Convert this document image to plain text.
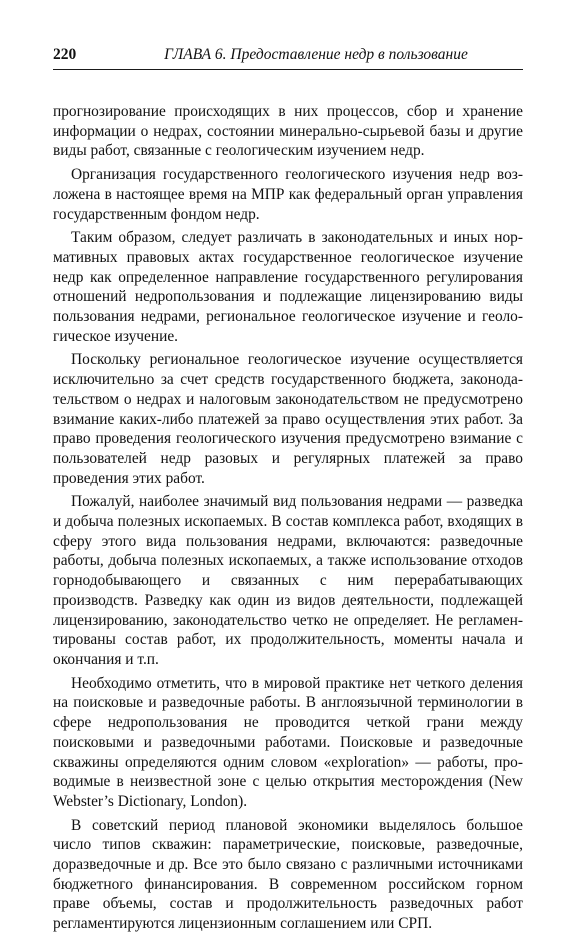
220	ГЛАВА 6. Предоставление недр в пользование

прогнозирование происходящих в них процессов, сбор и хранение информации о недрах, состоянии минерально-сырьевой базы и другие виды работ, связанные с геологическим изучением недр.

Организация государственного геологического изучения недр возложена в настоящее время на МПР как федеральный орган управления государственным фондом недр.

Таким образом, следует различать в законодательных и иных нормативных правовых актах государственное геологическое изучение недр как определенное направление государственного регулирования отношений недропользования и подлежащие лицензированию виды пользования недрами, региональное геологическое изучение и геологическое изучение.

Поскольку региональное геологическое изучение осуществляется исключительно за счет средств государственного бюджета, законодательством о недрах и налоговым законодательством не предусмотрено взимание каких-либо платежей за право осуществления этих работ. За право проведения геологического изучения предусмотрено взимание с пользователей недр разовых и регулярных платежей за право проведения этих работ.

Пожалуй, наиболее значимый вид пользования недрами — разведка и добыча полезных ископаемых. В состав комплекса работ, входящих в сферу этого вида пользования недрами, включаются: разведочные работы, добыча полезных ископаемых, а также использование отходов горнодобывающего и связанных с ним перерабатывающих производств. Разведку как один из видов деятельности, подлежащей лицензированию, законодательство четко не определяет. Не регламентированы состав работ, их продолжительность, моменты начала и окончания и т.п.

Необходимо отметить, что в мировой практике нет четкого деления на поисковые и разведочные работы. В англоязычной терминологии в сфере недропользования не проводится четкой грани между поисковыми и разведочными работами. Поисковые и разведочные скважины определяются одним словом «exploration» — работы, проводимые в неизвестной зоне с целью открытия месторождения (New Webster’s Dictionary, London).

В советский период плановой экономики выделялось большое число типов скважин: параметрические, поисковые, разведочные, доразведочные и др. Все это было связано с различными источниками бюджетного финансирования. В современном российском горном праве объемы, состав и продолжительность разведочных работ регламентируются лицензионным соглашением или СРП.
